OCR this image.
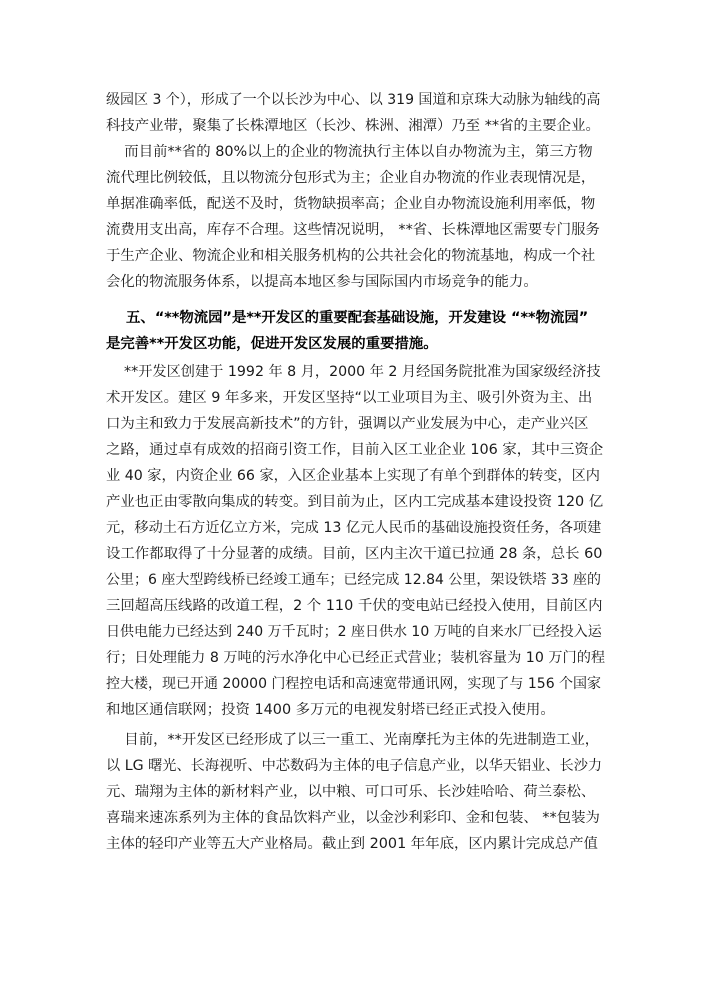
级园区 3 个），形成了一个以长沙为中心、以 319 国道和京珠大动脉为轴线的高

科技产业带，聚集了长株潭地区（长沙、株洲、湘潭）乃至 **省的主要企业。

而目前**省的 80%以上的企业的物流执行主体以自办物流为主，第三方物

流代理比例较低，且以物流分包形式为主；企业自办物流的作业表现情况是，

单据准确率低，配送不及时，货物缺损率高；企业自办物流设施利用率低，物

流费用支出高，库存不合理。这些情况说明， **省、长株潭地区需要专门服务

于生产企业、物流企业和相关服务机构的公共社会化的物流基地，构成一个社

会化的物流服务体系，以提高本地区参与国际国内市场竞争的能力。

五、“**物流园”是**开发区的重要配套基础设施，开发建设 “**物流园”

是完善**开发区功能，促进开发区发展的重要措施。

**开发区创建于 1992 年 8 月，2000 年 2 月经国务院批准为国家级经济技

术开发区。建区 9 年多来，开发区坚持“以工业项目为主、吸引外资为主、出

口为主和致力于发展高新技术”的方针，强调以产业发展为中心，走产业兴区

之路，通过卓有成效的招商引资工作，目前入区工业企业 106 家，其中三资企

业 40 家，内资企业 66 家，入区企业基本上实现了有单个到群体的转变，区内

产业也正由零散向集成的转变。到目前为止，区内工完成基本建设投资 120 亿

元，移动土石方近亿立方米，完成 13 亿元人民币的基础设施投资任务，各项建

设工作都取得了十分显著的成绩。目前，区内主次干道已拉通 28 条，总长 60

公里；6 座大型跨线桥已经竣工通车；已经完成 12.84 公里，架设铁塔 33 座的

三回超高压线路的改道工程，2 个 110 千伏的变电站已经投入使用，目前区内

日供电能力已经达到 240 万千瓦时；2 座日供水 10 万吨的自来水厂已经投入运

行；日处理能力 8 万吨的污水净化中心已经正式营业；装机容量为 10 万门的程

控大楼，现已开通 20000 门程控电话和高速宽带通讯网，实现了与 156 个国家

和地区通信联网；投资 1400 多万元的电视发射塔已经正式投入使用。

目前，**开发区已经形成了以三一重工、光南摩托为主体的先进制造工业，

以 LG 曙光、长海视听、中芯数码为主体的电子信息产业，以华天铝业、长沙力

元、瑞翔为主体的新材料产业，以中粮、可口可乐、长沙娃哈哈、荷兰泰松、

喜瑞来速冻系列为主体的食品饮料产业，以金沙利彩印、金和包装、 **包装为

主体的轻印产业等五大产业格局。截止到 2001 年年底，区内累计完成总产值
